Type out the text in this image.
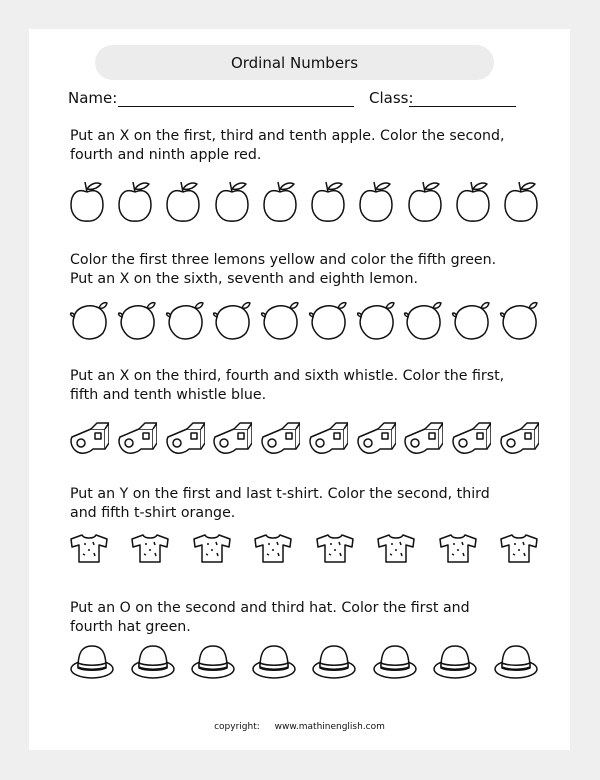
Ordinal Numbers
Name:	Class:
Put an X on the first, third and tenth apple. Color the second,
fourth and ninth apple red.
Color the first three lemons yellow and color the fifth green.
Put an X on the sixth, seventh and eighth lemon.
Put an X on the third, fourth and sixth whistle. Color the first,
fifth and tenth whistle blue.
Put an Y on the first and last t-shirt. Color the second, third
and fifth t-shirt orange.
Put an O on the second and third hat. Color the first and
fourth hat green.
copyright: www.mathinenglish.com
